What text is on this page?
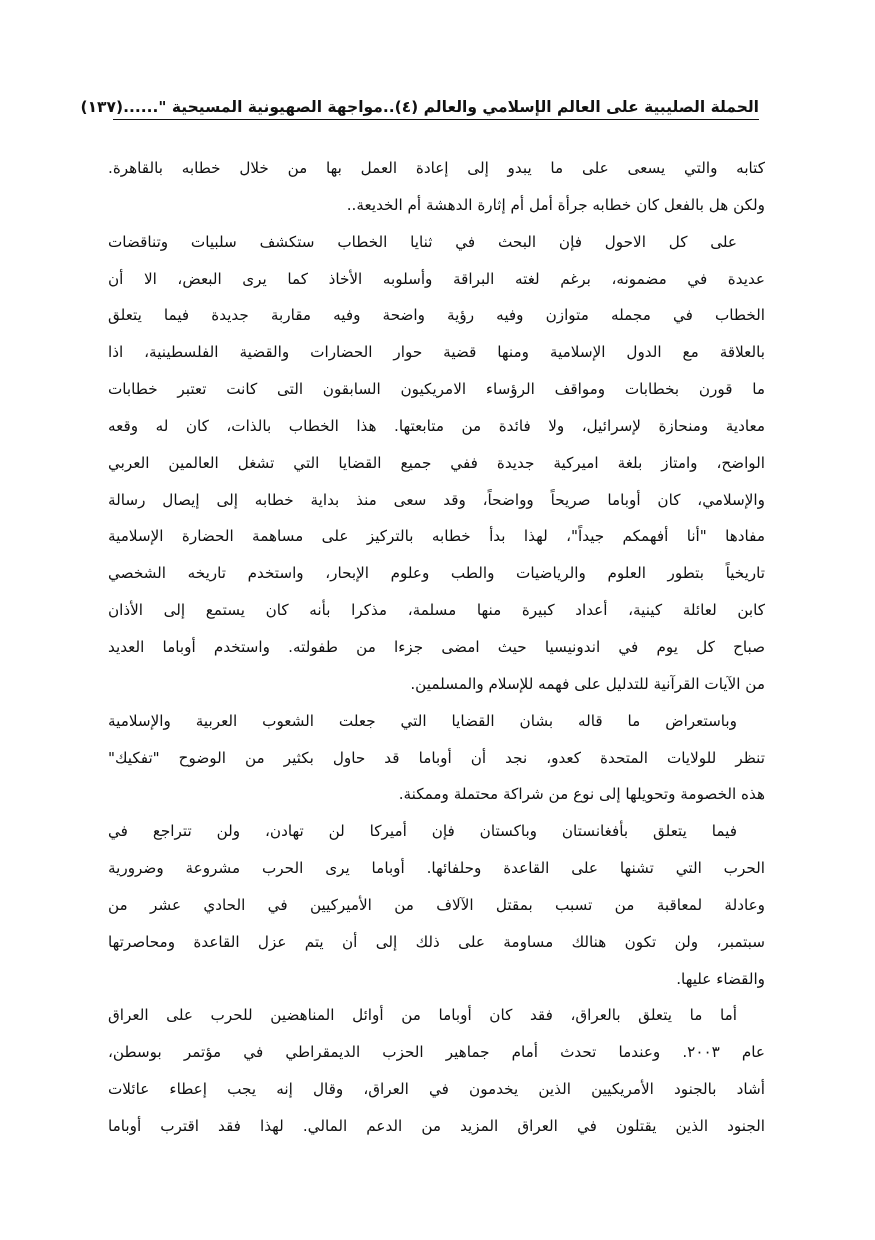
الحملة الصليبية على العالم الإسلامي والعالم (٤)..مواجهة الصهيونية المسيحية "......
(١٣٧)
كتابه والتي يسعى على ما يبدو إلى إعادة العمل بها من خلال خطابه بالقاهرة.
ولكن هل بالفعل كان خطابه جرأة أمل أم إثارة الدهشة أم الخديعة..
على كل الاحول فإن البحث في ثنايا الخطاب ستكشف سلبيات وتناقضات
عديدة في مضمونه، برغم لغته البراقة وأسلوبه الأخاذ كما يرى البعض، الا أن
الخطاب في مجمله متوازن وفيه رؤية واضحة وفيه مقاربة جديدة فيما يتعلق
بالعلاقة مع الدول الإسلامية ومنها قضية حوار الحضارات والقضية الفلسطينية، اذا
ما قورن بخطابات ومواقف الرؤساء الامريكيون السابقون التى كانت تعتبر خطابات
معادية ومنحازة لإسرائيل، ولا فائدة من متابعتها. هذا الخطاب بالذات، كان له وقعه
الواضح، وامتاز بلغة اميركية جديدة ففي جميع القضايا التي تشغل العالمين العربي
والإسلامي، كان أوباما صريحاً وواضحاً، وقد سعى منذ بداية خطابه إلى إيصال رسالة
مفادها "أنا أفهمكم جيداً"، لهذا بدأ خطابه بالتركيز على مساهمة الحضارة الإسلامية
تاريخياً بتطور العلوم والرياضيات والطب وعلوم الإبحار، واستخدم تاريخه الشخصي
كابن لعائلة كينية، أعداد كبيرة منها مسلمة، مذكرا بأنه كان يستمع إلى الأذان
صباح كل يوم في اندونيسيا حيث امضى جزءا من طفولته. واستخدم أوباما العديد
من الآيات القرآنية للتدليل على فهمه للإسلام والمسلمين.
وباستعراض ما قاله بشان القضايا التي جعلت الشعوب العربية والإسلامية
تنظر للولايات المتحدة كعدو، نجد أن أوباما قد حاول بكثير من الوضوح "تفكيك"
هذه الخصومة وتحويلها إلى نوع من شراكة محتملة وممكنة.
فيما يتعلق بأفغانستان وباكستان فإن أميركا لن تهادن، ولن تتراجع في
الحرب التي تشنها على القاعدة وحلفائها. أوباما يرى الحرب مشروعة وضرورية
وعادلة لمعاقبة من تسبب بمقتل الآلاف من الأميركيين في الحادي عشر من
سبتمبر، ولن تكون هنالك مساومة على ذلك إلى أن يتم عزل القاعدة ومحاصرتها
والقضاء عليها.
أما ما يتعلق بالعراق، فقد كان أوباما من أوائل المناهضين للحرب على العراق
عام ٢٠٠٣. وعندما تحدث أمام جماهير الحزب الديمقراطي في مؤتمر بوسطن،
أشاد بالجنود الأمريكيين الذين يخدمون في العراق، وقال إنه يجب إعطاء عائلات
الجنود الذين يقتلون في العراق المزيد من الدعم المالي. لهذا فقد اقترب أوباما
